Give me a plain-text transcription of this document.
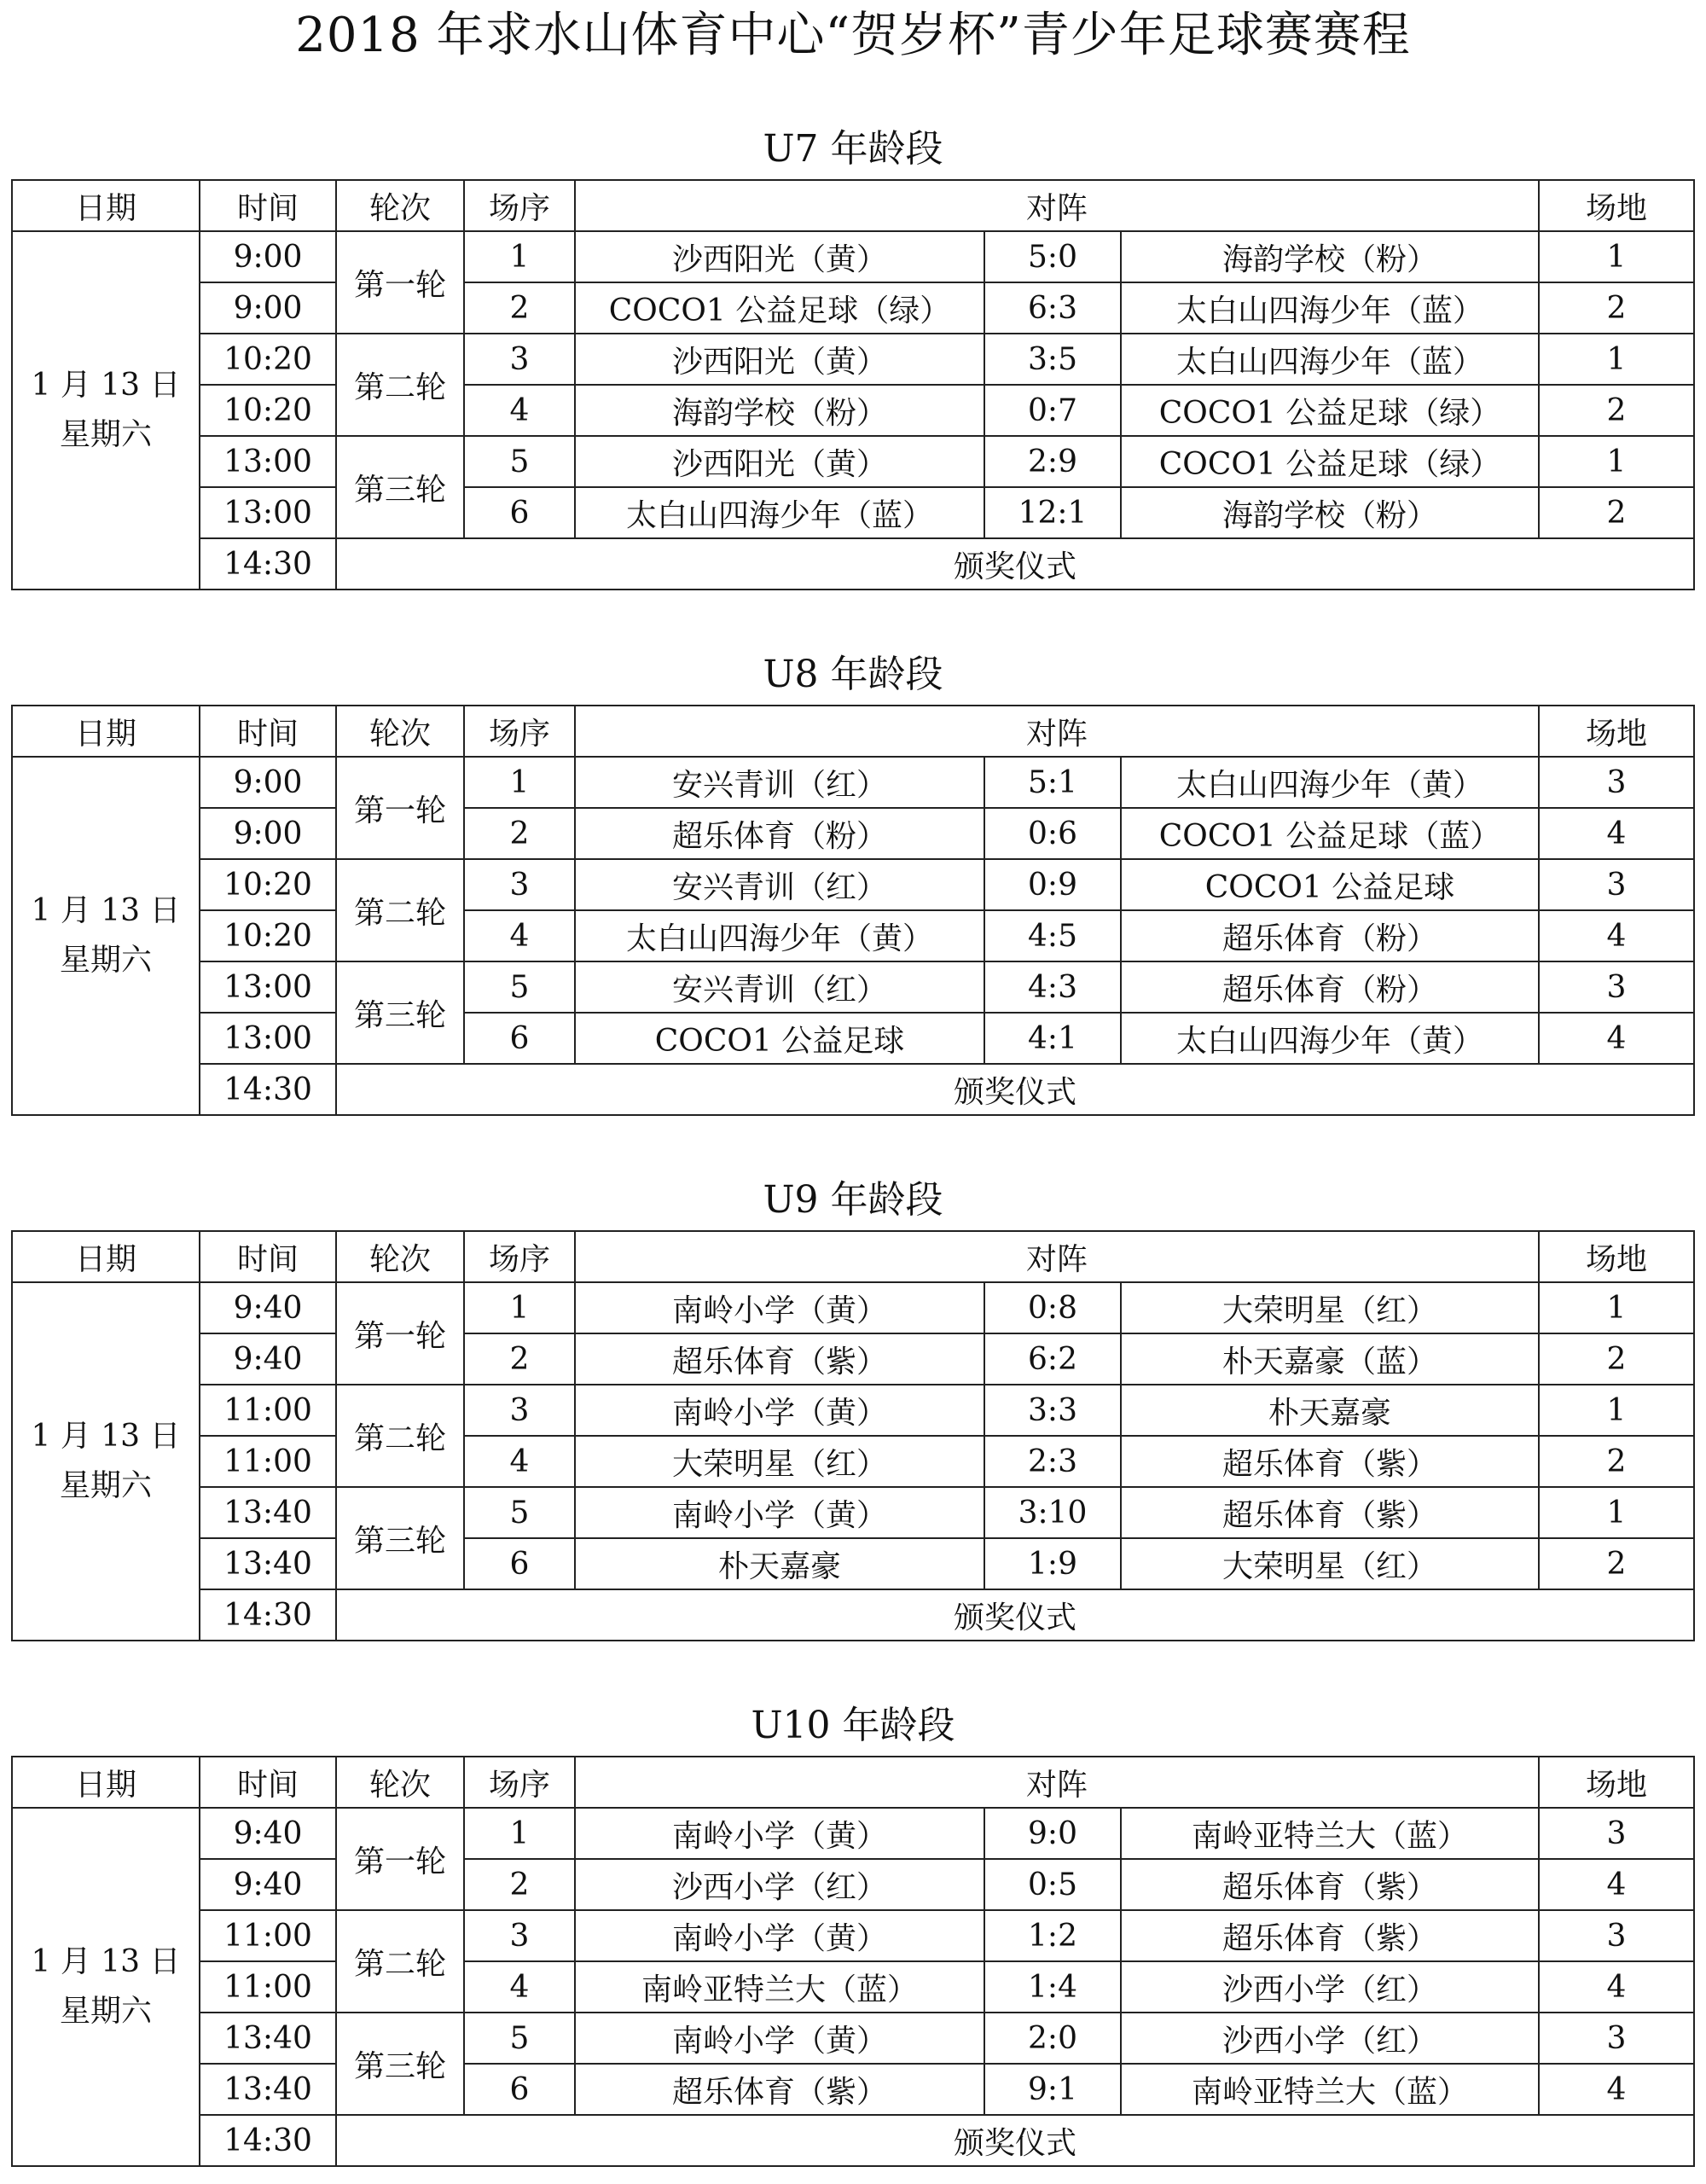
2018 年求水山体育中心“贺岁杯”青少年足球赛赛程
U7 年龄段
日期	时间	轮次	场序	对阵			场地

1 月 13 日
星期六	9:00	第一轮	1	沙西阳光（黄）	5:0	海韵学校（粉）	1
	9:00		2	COCO1 公益足球（绿）	6:3	太白山四海少年（蓝）	2
	10:20	第二轮	3	沙西阳光（黄）	3:5	太白山四海少年（蓝）	1
	10:20		4	海韵学校（粉）	0:7	COCO1 公益足球（绿）	2
	13:00	第三轮	5	沙西阳光（黄）	2:9	COCO1 公益足球（绿）	1
	13:00		6	太白山四海少年（蓝）	12:1	海韵学校（粉）	2
	14:30	颁奖仪式					
U8 年龄段
日期	时间	轮次	场序	对阵			场地

1 月 13 日
星期六	9:00	第一轮	1	安兴青训（红）	5:1	太白山四海少年（黄）	3
	9:00		2	超乐体育（粉）	0:6	COCO1 公益足球（蓝）	4
	10:20	第二轮	3	安兴青训（红）	0:9	COCO1 公益足球	3
	10:20		4	太白山四海少年（黄）	4:5	超乐体育（粉）	4
	13:00	第三轮	5	安兴青训（红）	4:3	超乐体育（粉）	3
	13:00		6	COCO1 公益足球	4:1	太白山四海少年（黄）	4
	14:30	颁奖仪式					
U9 年龄段
日期	时间	轮次	场序	对阵			场地

1 月 13 日
星期六	9:40	第一轮	1	南岭小学（黄）	0:8	大荣明星（红）	1
	9:40		2	超乐体育（紫）	6:2	朴天嘉豪（蓝）	2
	11:00	第二轮	3	南岭小学（黄）	3:3	朴天嘉豪	1
	11:00		4	大荣明星（红）	2:3	超乐体育（紫）	2
	13:40	第三轮	5	南岭小学（黄）	3:10	超乐体育（紫）	1
	13:40		6	朴天嘉豪	1:9	大荣明星（红）	2
	14:30	颁奖仪式					
U10 年龄段
日期	时间	轮次	场序	对阵			场地

1 月 13 日
星期六	9:40	第一轮	1	南岭小学（黄）	9:0	南岭亚特兰大（蓝）	3
	9:40		2	沙西小学（红）	0:5	超乐体育（紫）	4
	11:00	第二轮	3	南岭小学（黄）	1:2	超乐体育（紫）	3
	11:00		4	南岭亚特兰大（蓝）	1:4	沙西小学（红）	4
	13:40	第三轮	5	南岭小学（黄）	2:0	沙西小学（红）	3
	13:40		6	超乐体育（紫）	9:1	南岭亚特兰大（蓝）	4
	14:30	颁奖仪式					
